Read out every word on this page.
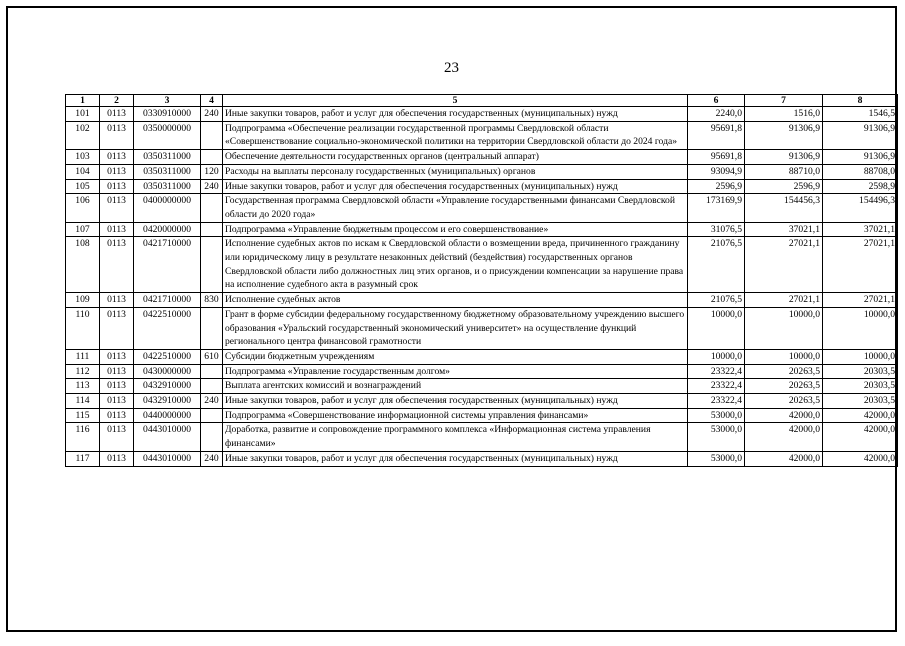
23
1	2	3	4	5	6	7	8
101	0113	0330910000	240	Иные закупки товаров, работ и услуг для обеспечения государственных (муниципальных) нужд	2240,0	1516,0	1546,5
102	0113	0350000000		Подпрограмма «Обеспечение реализации государственной программы Свердловской области «Совершенствование социально-экономической политики на территории Свердловской области до 2024 года»	95691,8	91306,9	91306,9
103	0113	0350311000		Обеспечение деятельности государственных органов (центральный аппарат)	95691,8	91306,9	91306,9
104	0113	0350311000	120	Расходы на выплаты персоналу государственных (муниципальных) органов	93094,9	88710,0	88708,0
105	0113	0350311000	240	Иные закупки товаров, работ и услуг для обеспечения государственных (муниципальных) нужд	2596,9	2596,9	2598,9
106	0113	0400000000		Государственная программа Свердловской области «Управление государственными финансами Свердловской области до 2020 года»	173169,9	154456,3	154496,3
107	0113	0420000000		Подпрограмма «Управление бюджетным процессом и его совершенствование»	31076,5	37021,1	37021,1
108	0113	0421710000		Исполнение судебных актов по искам к Свердловской области о возмещении вреда, причиненного гражданину или юридическому лицу в результате незаконных действий (бездействия) государственных органов Свердловской области либо должностных лиц этих органов, и о присуждении компенсации за нарушение права на исполнение судебного акта в разумный срок	21076,5	27021,1	27021,1
109	0113	0421710000	830	Исполнение судебных актов	21076,5	27021,1	27021,1
110	0113	0422510000		Грант в форме субсидии федеральному государственному бюджетному образовательному учреждению высшего образования «Уральский государственный экономический университет» на осуществление функций регионального центра финансовой грамотности	10000,0	10000,0	10000,0
111	0113	0422510000	610	Субсидии бюджетным учреждениям	10000,0	10000,0	10000,0
112	0113	0430000000		Подпрограмма «Управление государственным долгом»	23322,4	20263,5	20303,5
113	0113	0432910000		Выплата агентских комиссий и вознаграждений	23322,4	20263,5	20303,5
114	0113	0432910000	240	Иные закупки товаров, работ и услуг для обеспечения государственных (муниципальных) нужд	23322,4	20263,5	20303,5
115	0113	0440000000		Подпрограмма «Совершенствование информационной системы управления финансами»	53000,0	42000,0	42000,0
116	0113	0443010000		Доработка, развитие и сопровождение программного комплекса «Информационная система управления финансами»	53000,0	42000,0	42000,0
117	0113	0443010000	240	Иные закупки товаров, работ и услуг для обеспечения государственных (муниципальных) нужд	53000,0	42000,0	42000,0
